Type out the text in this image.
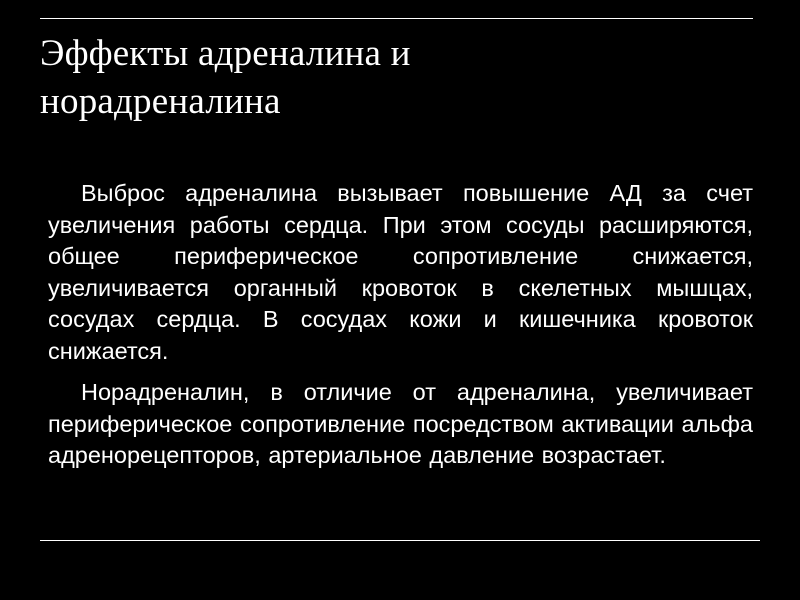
Эффекты адреналина и норадреналина

Выброс адреналина вызывает повышение АД за счет увеличения работы сердца. При этом сосуды расширяются, общее периферическое сопротивление снижается, увеличивается органный кровоток в скелетных мышцах, сосудах сердца. В сосудах кожи и кишечника кровоток снижается.

Норадреналин, в отличие от адреналина, увеличивает периферическое сопротивление посредством активации альфа адренорецепторов, артериальное давление возрастает.
